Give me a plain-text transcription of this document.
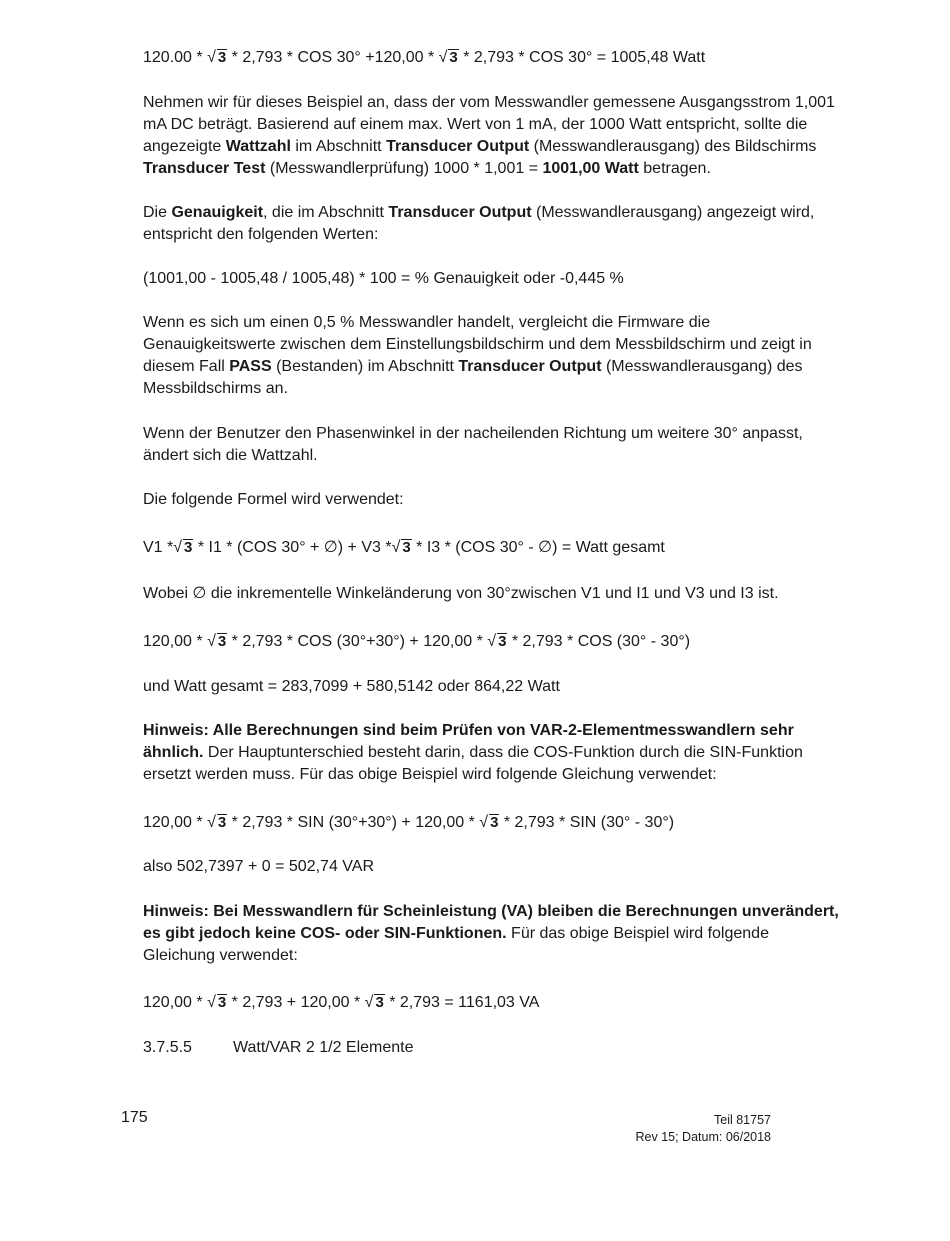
120.00 * √ 3 * 2,793 * COS 30° +120,00 * √ 3 * 2,793 * COS 30° = 1005,48 Watt

Nehmen wir für dieses Beispiel an, dass der vom Messwandler gemessene Ausgangsstrom 1,001 mA DC beträgt. Basierend auf einem max. Wert von 1 mA, der 1000 Watt entspricht, sollte die angezeigte Wattzahl im Abschnitt Transducer Output (Messwandlerausgang) des Bildschirms Transducer Test (Messwandlerprüfung) 1000 * 1,001 = 1001,00 Watt betragen.

Die Genauigkeit, die im Abschnitt Transducer Output (Messwandlerausgang) angezeigt wird, entspricht den folgenden Werten:

(1001,00 - 1005,48 / 1005,48) * 100 = % Genauigkeit oder -0,445 %

Wenn es sich um einen 0,5 % Messwandler handelt, vergleicht die Firmware die Genauigkeitswerte zwischen dem Einstellungsbildschirm und dem Messbildschirm und zeigt in diesem Fall PASS (Bestanden) im Abschnitt Transducer Output (Messwandlerausgang) des Messbildschirms an.

Wenn der Benutzer den Phasenwinkel in der nacheilenden Richtung um weitere 30° anpasst, ändert sich die Wattzahl.

Die folgende Formel wird verwendet:

V1 *√ 3 * I1 * (COS 30° + ∅) + V3 *√ 3 * I3 * (COS 30° - ∅) = Watt gesamt

Wobei ∅ die inkrementelle Winkeländerung von 30°zwischen V1 und I1 und V3 und I3 ist.

120,00 * √ 3 * 2,793 * COS (30°+30°) + 120,00 * √ 3 * 2,793 * COS (30° - 30°)

und Watt gesamt = 283,7099 + 580,5142 oder 864,22 Watt

Hinweis: Alle Berechnungen sind beim Prüfen von VAR-2-Elementmesswandlern sehr ähnlich. Der Hauptunterschied besteht darin, dass die COS-Funktion durch die SIN-Funktion ersetzt werden muss. Für das obige Beispiel wird folgende Gleichung verwendet:

120,00 * √ 3 * 2,793 * SIN (30°+30°) + 120,00 * √ 3 * 2,793 * SIN (30° - 30°)

also 502,7397 + 0 = 502,74 VAR

Hinweis: Bei Messwandlern für Scheinleistung (VA) bleiben die Berechnungen unverändert, es gibt jedoch keine COS- oder SIN-Funktionen. Für das obige Beispiel wird folgende Gleichung verwendet:

120,00 * √ 3 * 2,793 + 120,00 * √ 3 * 2,793 = 1161,03 VA

3.7.5.5	Watt/VAR 2 1/2 Elemente

175	Teil 81757
Rev 15; Datum: 06/2018
